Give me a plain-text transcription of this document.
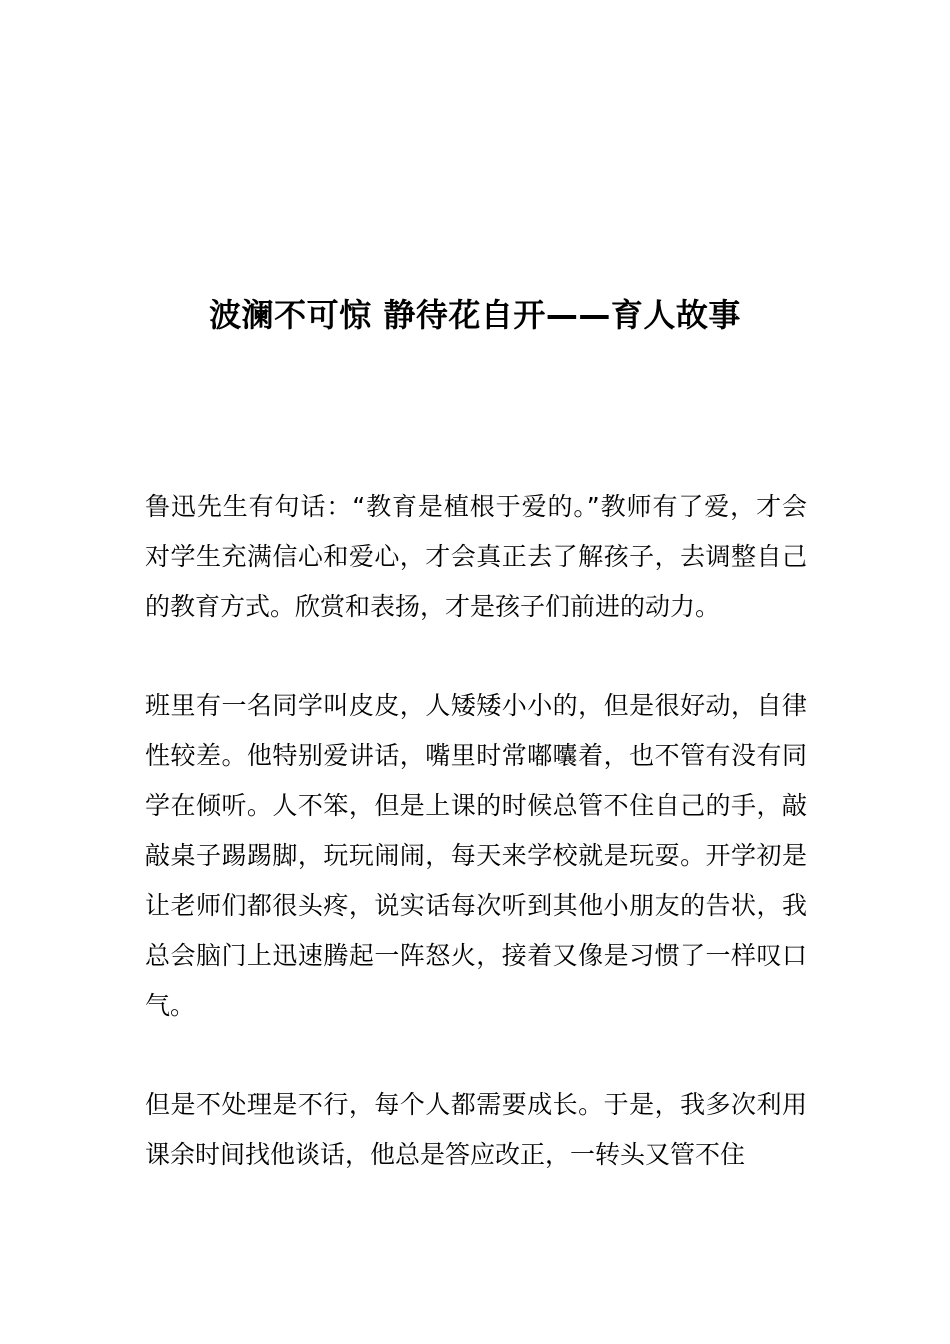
波澜不可惊 静待花自开——育人故事

鲁迅先生有句话：“教育是植根于爱的。”教师有了爱，才会对学生充满信心和爱心，才会真正去了解孩子，去调整自己的教育方式。欣赏和表扬，才是孩子们前进的动力。

班里有一名同学叫皮皮，人矮矮小小的，但是很好动，自律性较差。他特别爱讲话，嘴里时常嘟囔着，也不管有没有同学在倾听。人不笨，但是上课的时候总管不住自己的手，敲敲桌子踢踢脚，玩玩闹闹，每天来学校就是玩耍。开学初是让老师们都很头疼，说实话每次听到其他小朋友的告状，我总会脑门上迅速腾起一阵怒火，接着又像是习惯了一样叹口气。

但是不处理是不行，每个人都需要成长。于是，我多次利用课余时间找他谈话，他总是答应改正，一转头又管不住
